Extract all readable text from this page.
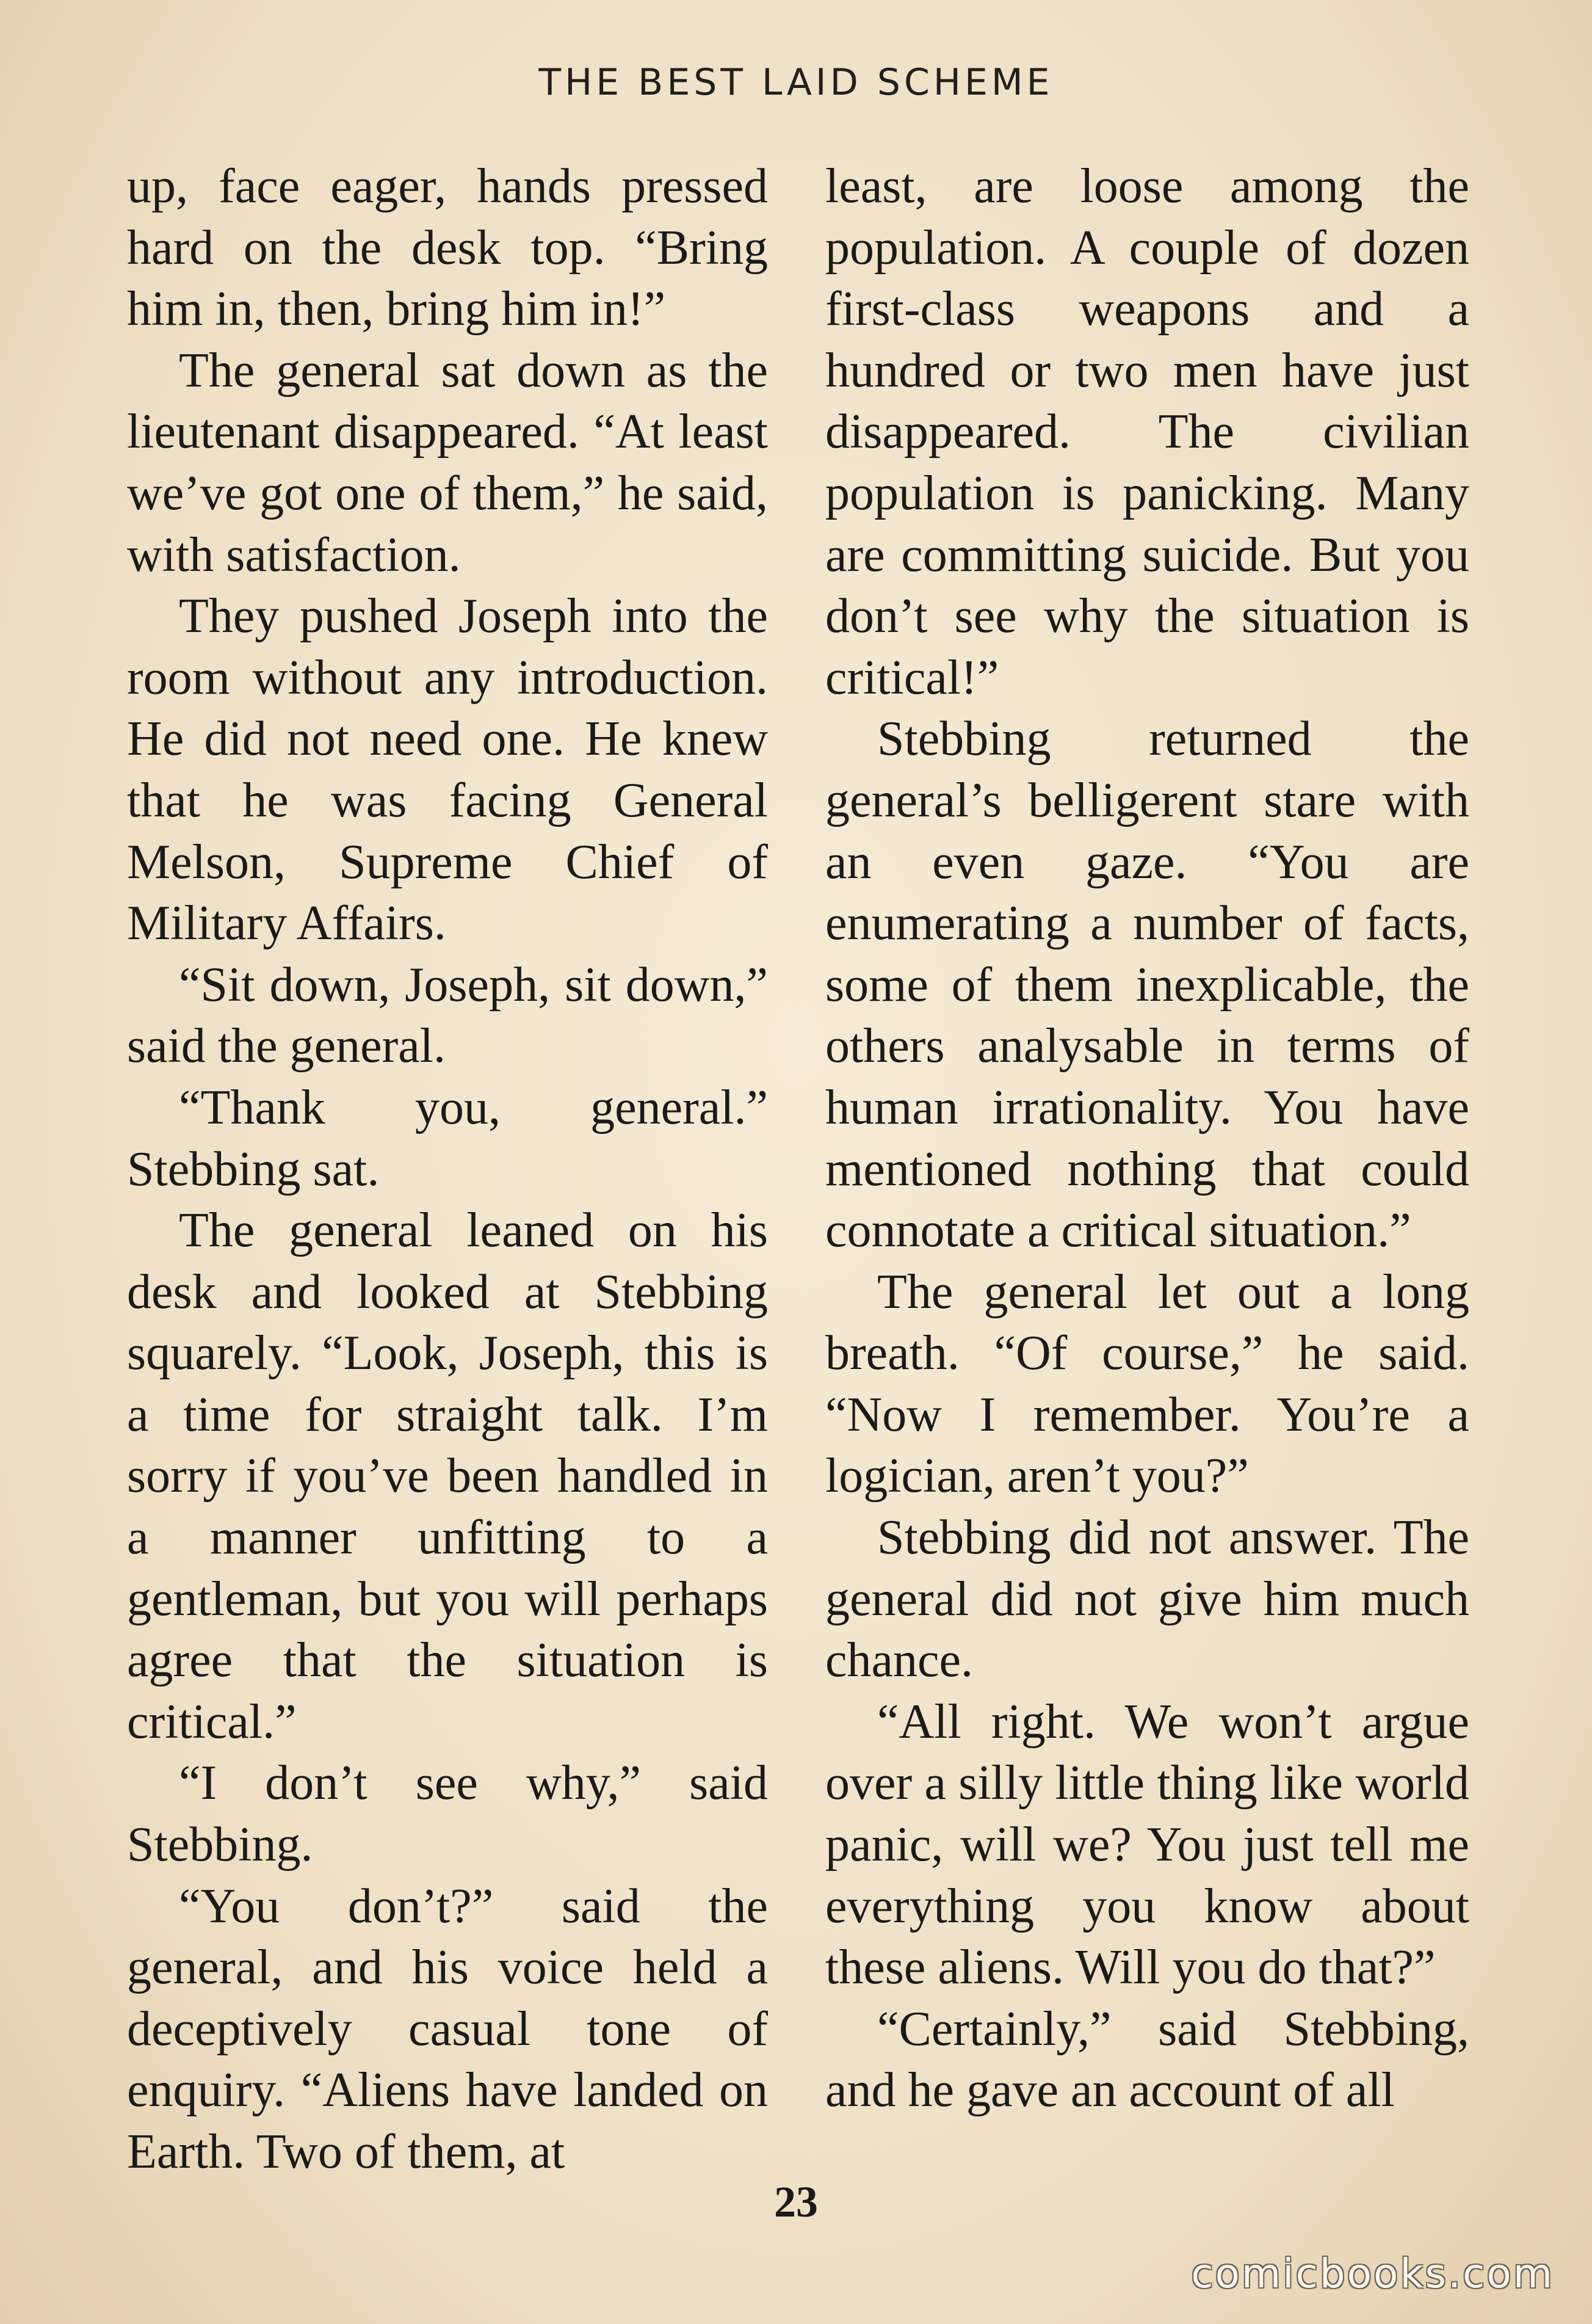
THE BEST LAID SCHEME

up, face eager, hands pressed hard on the desk top. “Bring him in, then, bring him in!”

The general sat down as the lieutenant disappeared. “At least we’ve got one of them,” he said, with satisfaction.

They pushed Joseph into the room without any introduction. He did not need one. He knew that he was facing General Melson, Supreme Chief of Military Affairs.

“Sit down, Joseph, sit down,” said the general.

“Thank you, general.” Stebbing sat.

The general leaned on his desk and looked at Stebbing squarely. “Look, Joseph, this is a time for straight talk. I’m sorry if you’ve been handled in a manner unfitting to a gentleman, but you will perhaps agree that the situation is critical.”

“I don’t see why,” said Stebbing.

“You don’t?” said the general, and his voice held a deceptively casual tone of enquiry. “Aliens have landed on Earth. Two of them, at

least, are loose among the population. A couple of dozen first-class weapons and a hundred or two men have just disappeared. The civilian population is panicking. Many are committing suicide. But you don’t see why the situation is critical!”

Stebbing returned the general’s belligerent stare with an even gaze. “You are enumerating a number of facts, some of them inexplicable, the others analysable in terms of human irrationality. You have mentioned nothing that could connotate a critical situation.”

The general let out a long breath. “Of course,” he said. “Now I remember. You’re a logician, aren’t you?”

Stebbing did not answer. The general did not give him much chance.

“All right. We won’t argue over a silly little thing like world panic, will we? You just tell me everything you know about these aliens. Will you do that?”

“Certainly,” said Stebbing, and he gave an account of all

23
comicbooks.com
